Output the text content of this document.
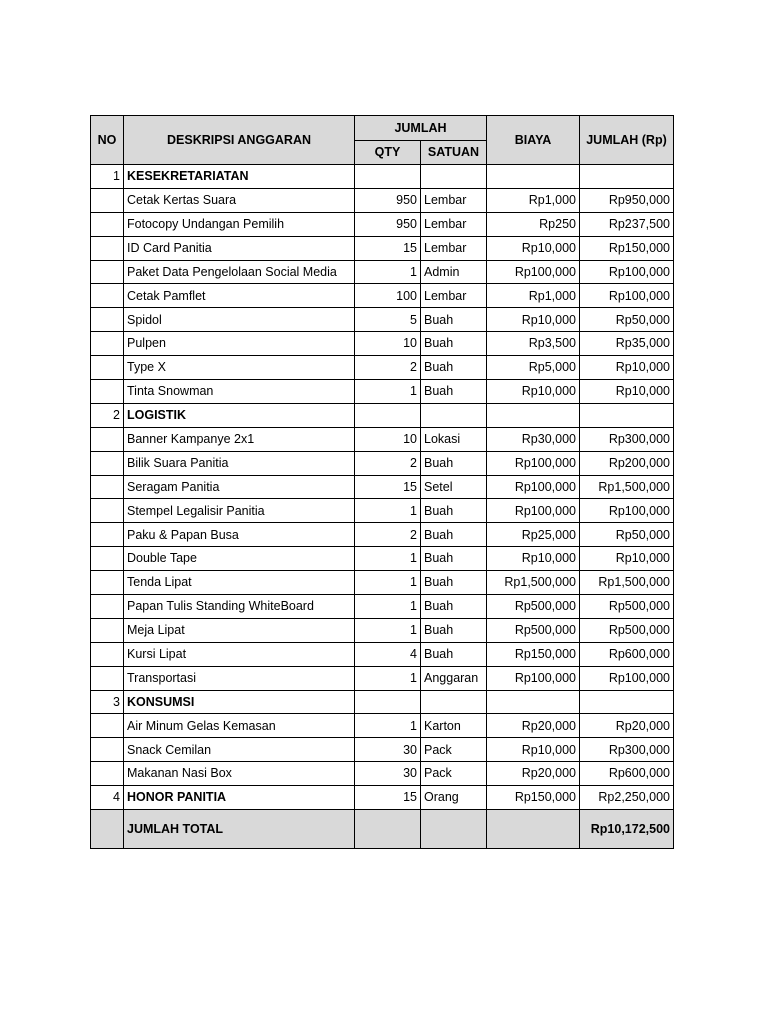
NO	DESKRIPSI ANGGARAN	JUMLAH		BIAYA	JUMLAH (Rp)
		QTY	SATUAN		
1	KESEKRETARIATAN				
	Cetak Kertas Suara	950	Lembar	Rp1,000	Rp950,000
	Fotocopy Undangan Pemilih	950	Lembar	Rp250	Rp237,500
	ID Card Panitia	15	Lembar	Rp10,000	Rp150,000
	Paket Data Pengelolaan Social Media	1	Admin	Rp100,000	Rp100,000
	Cetak Pamflet	100	Lembar	Rp1,000	Rp100,000
	Spidol	5	Buah	Rp10,000	Rp50,000
	Pulpen	10	Buah	Rp3,500	Rp35,000
	Type X	2	Buah	Rp5,000	Rp10,000
	Tinta Snowman	1	Buah	Rp10,000	Rp10,000
2	LOGISTIK				
	Banner Kampanye 2x1	10	Lokasi	Rp30,000	Rp300,000
	Bilik Suara Panitia	2	Buah	Rp100,000	Rp200,000
	Seragam Panitia	15	Setel	Rp100,000	Rp1,500,000
	Stempel Legalisir Panitia	1	Buah	Rp100,000	Rp100,000
	Paku & Papan Busa	2	Buah	Rp25,000	Rp50,000
	Double Tape	1	Buah	Rp10,000	Rp10,000
	Tenda Lipat	1	Buah	Rp1,500,000	Rp1,500,000
	Papan Tulis Standing WhiteBoard	1	Buah	Rp500,000	Rp500,000
	Meja Lipat	1	Buah	Rp500,000	Rp500,000
	Kursi Lipat	4	Buah	Rp150,000	Rp600,000
	Transportasi	1	Anggaran	Rp100,000	Rp100,000
3	KONSUMSI				
	Air Minum Gelas Kemasan	1	Karton	Rp20,000	Rp20,000
	Snack Cemilan	30	Pack	Rp10,000	Rp300,000
	Makanan Nasi Box	30	Pack	Rp20,000	Rp600,000
4	HONOR PANITIA	15	Orang	Rp150,000	Rp2,250,000
	JUMLAH TOTAL				Rp10,172,500
